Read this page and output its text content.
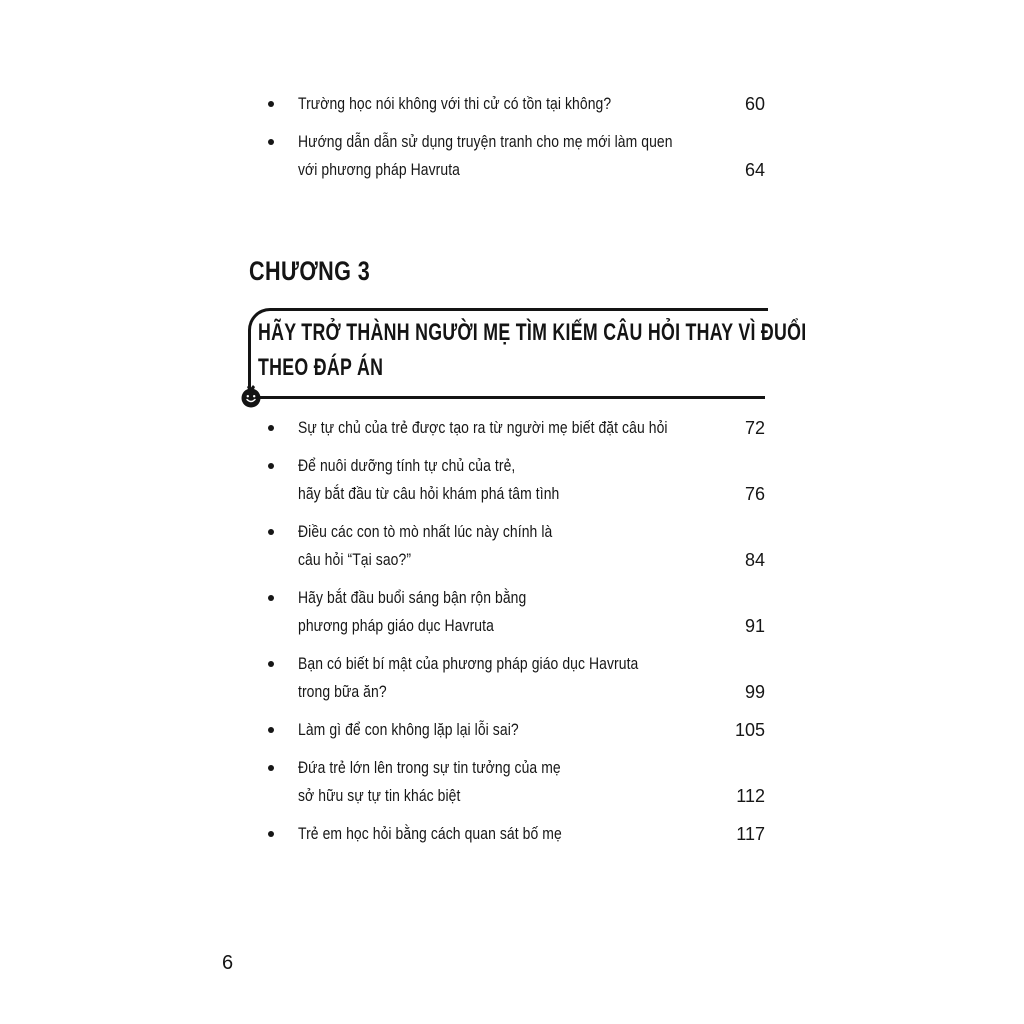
Trường học nói không với thi cử có tồn tại không?	60
Hướng dẫn dẫn sử dụng truyện tranh cho mẹ mới làm quen
với phương pháp Havruta	64
CHƯƠNG 3
HÃY TRỞ THÀNH NGƯỜI MẸ TÌM KIẾM CÂU HỎI THAY VÌ ĐUỔI
THEO ĐÁP ÁN
Sự tự chủ của trẻ được tạo ra từ người mẹ biết đặt câu hỏi	72
Để nuôi dưỡng tính tự chủ của trẻ,
hãy bắt đầu từ câu hỏi khám phá tâm tình	76
Điều các con tò mò nhất lúc này chính là
câu hỏi “Tại sao?”	84
Hãy bắt đầu buổi sáng bận rộn bằng
phương pháp giáo dục Havruta	91
Bạn có biết bí mật của phương pháp giáo dục Havruta
trong bữa ăn?	99
Làm gì để con không lặp lại lỗi sai?	105
Đứa trẻ lớn lên trong sự tin tưởng của mẹ
sở hữu sự tự tin khác biệt	112
Trẻ em học hỏi bằng cách quan sát bố mẹ	117
6
